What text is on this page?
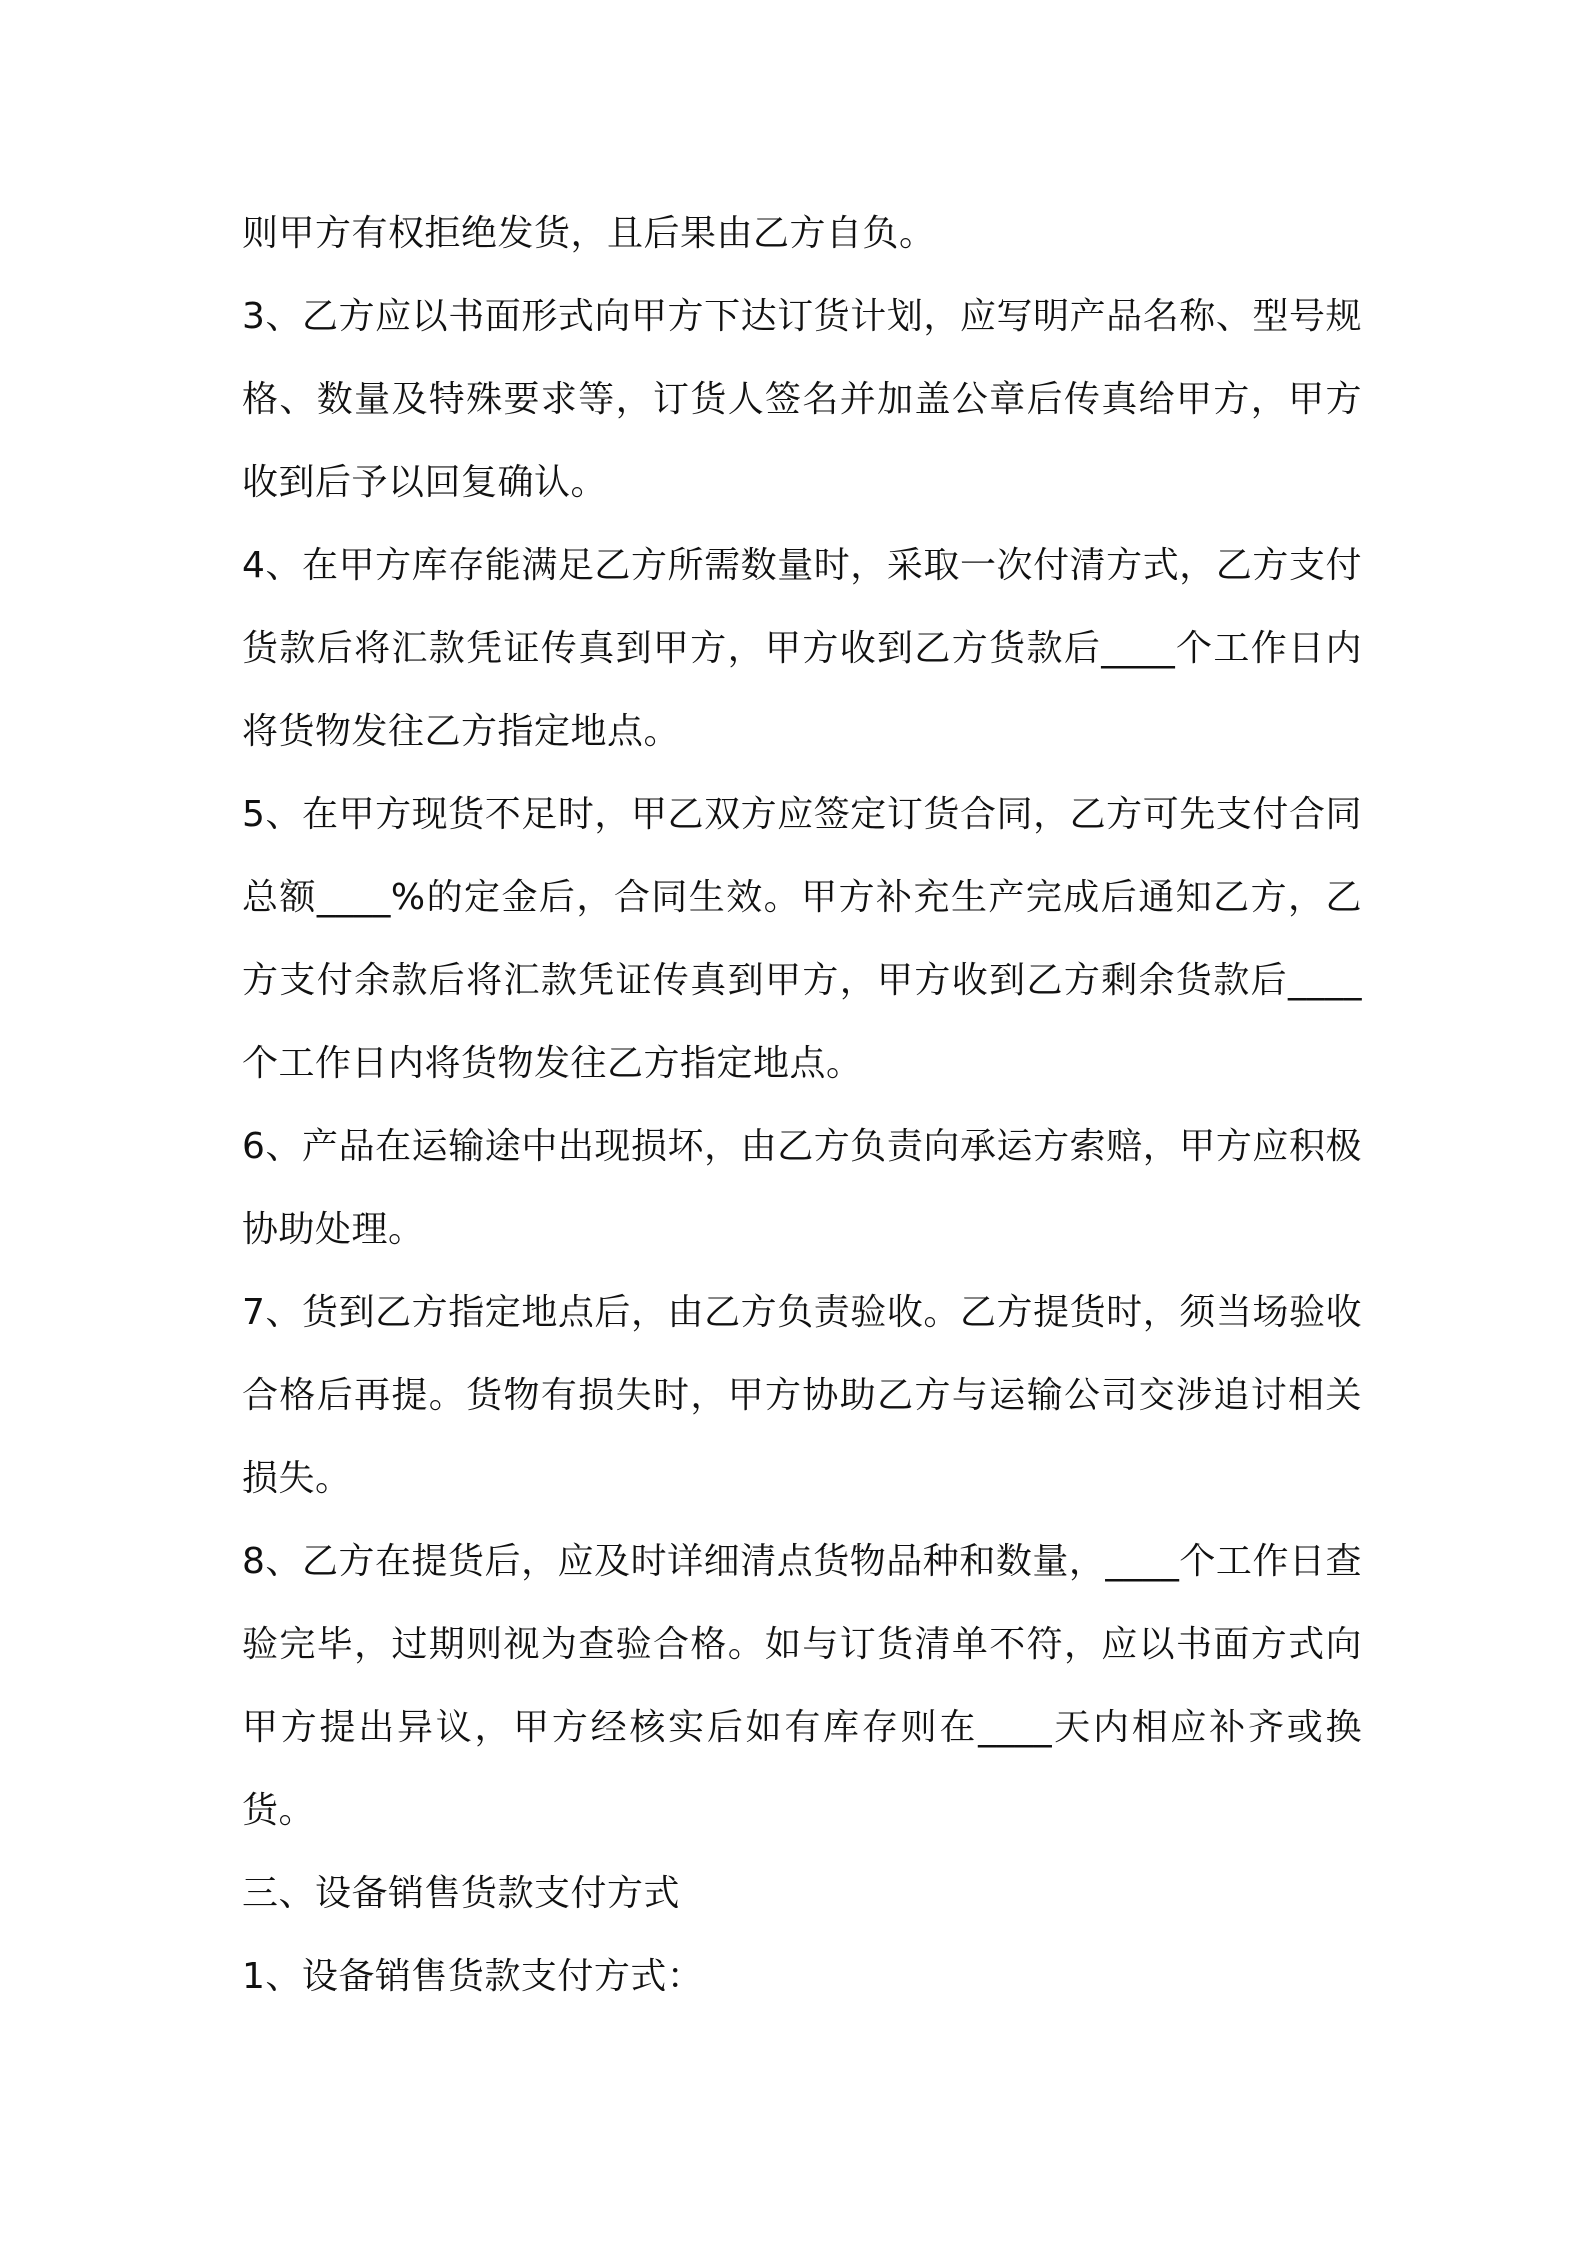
则甲方有权拒绝发货，且后果由乙方自负。

3、乙方应以书面形式向甲方下达订货计划，应写明产品名称、型号规格、数量及特殊要求等，订货人签名并加盖公章后传真给甲方，甲方收到后予以回复确认。

4、在甲方库存能满足乙方所需数量时，采取一次付清方式，乙方支付货款后将汇款凭证传真到甲方，甲方收到乙方货款后____个工作日内将货物发往乙方指定地点。

5、在甲方现货不足时，甲乙双方应签定订货合同，乙方可先支付合同总额____%的定金后，合同生效。甲方补充生产完成后通知乙方，乙方支付余款后将汇款凭证传真到甲方，甲方收到乙方剩余货款后____个工作日内将货物发往乙方指定地点。

6、产品在运输途中出现损坏，由乙方负责向承运方索赔，甲方应积极协助处理。

7、货到乙方指定地点后，由乙方负责验收。乙方提货时，须当场验收合格后再提。货物有损失时，甲方协助乙方与运输公司交涉追讨相关损失。

8、乙方在提货后，应及时详细清点货物品种和数量，____个工作日查验完毕，过期则视为查验合格。如与订货清单不符，应以书面方式向甲方提出异议，甲方经核实后如有库存则在____天内相应补齐或换货。

三、设备销售货款支付方式

1、设备销售货款支付方式：
